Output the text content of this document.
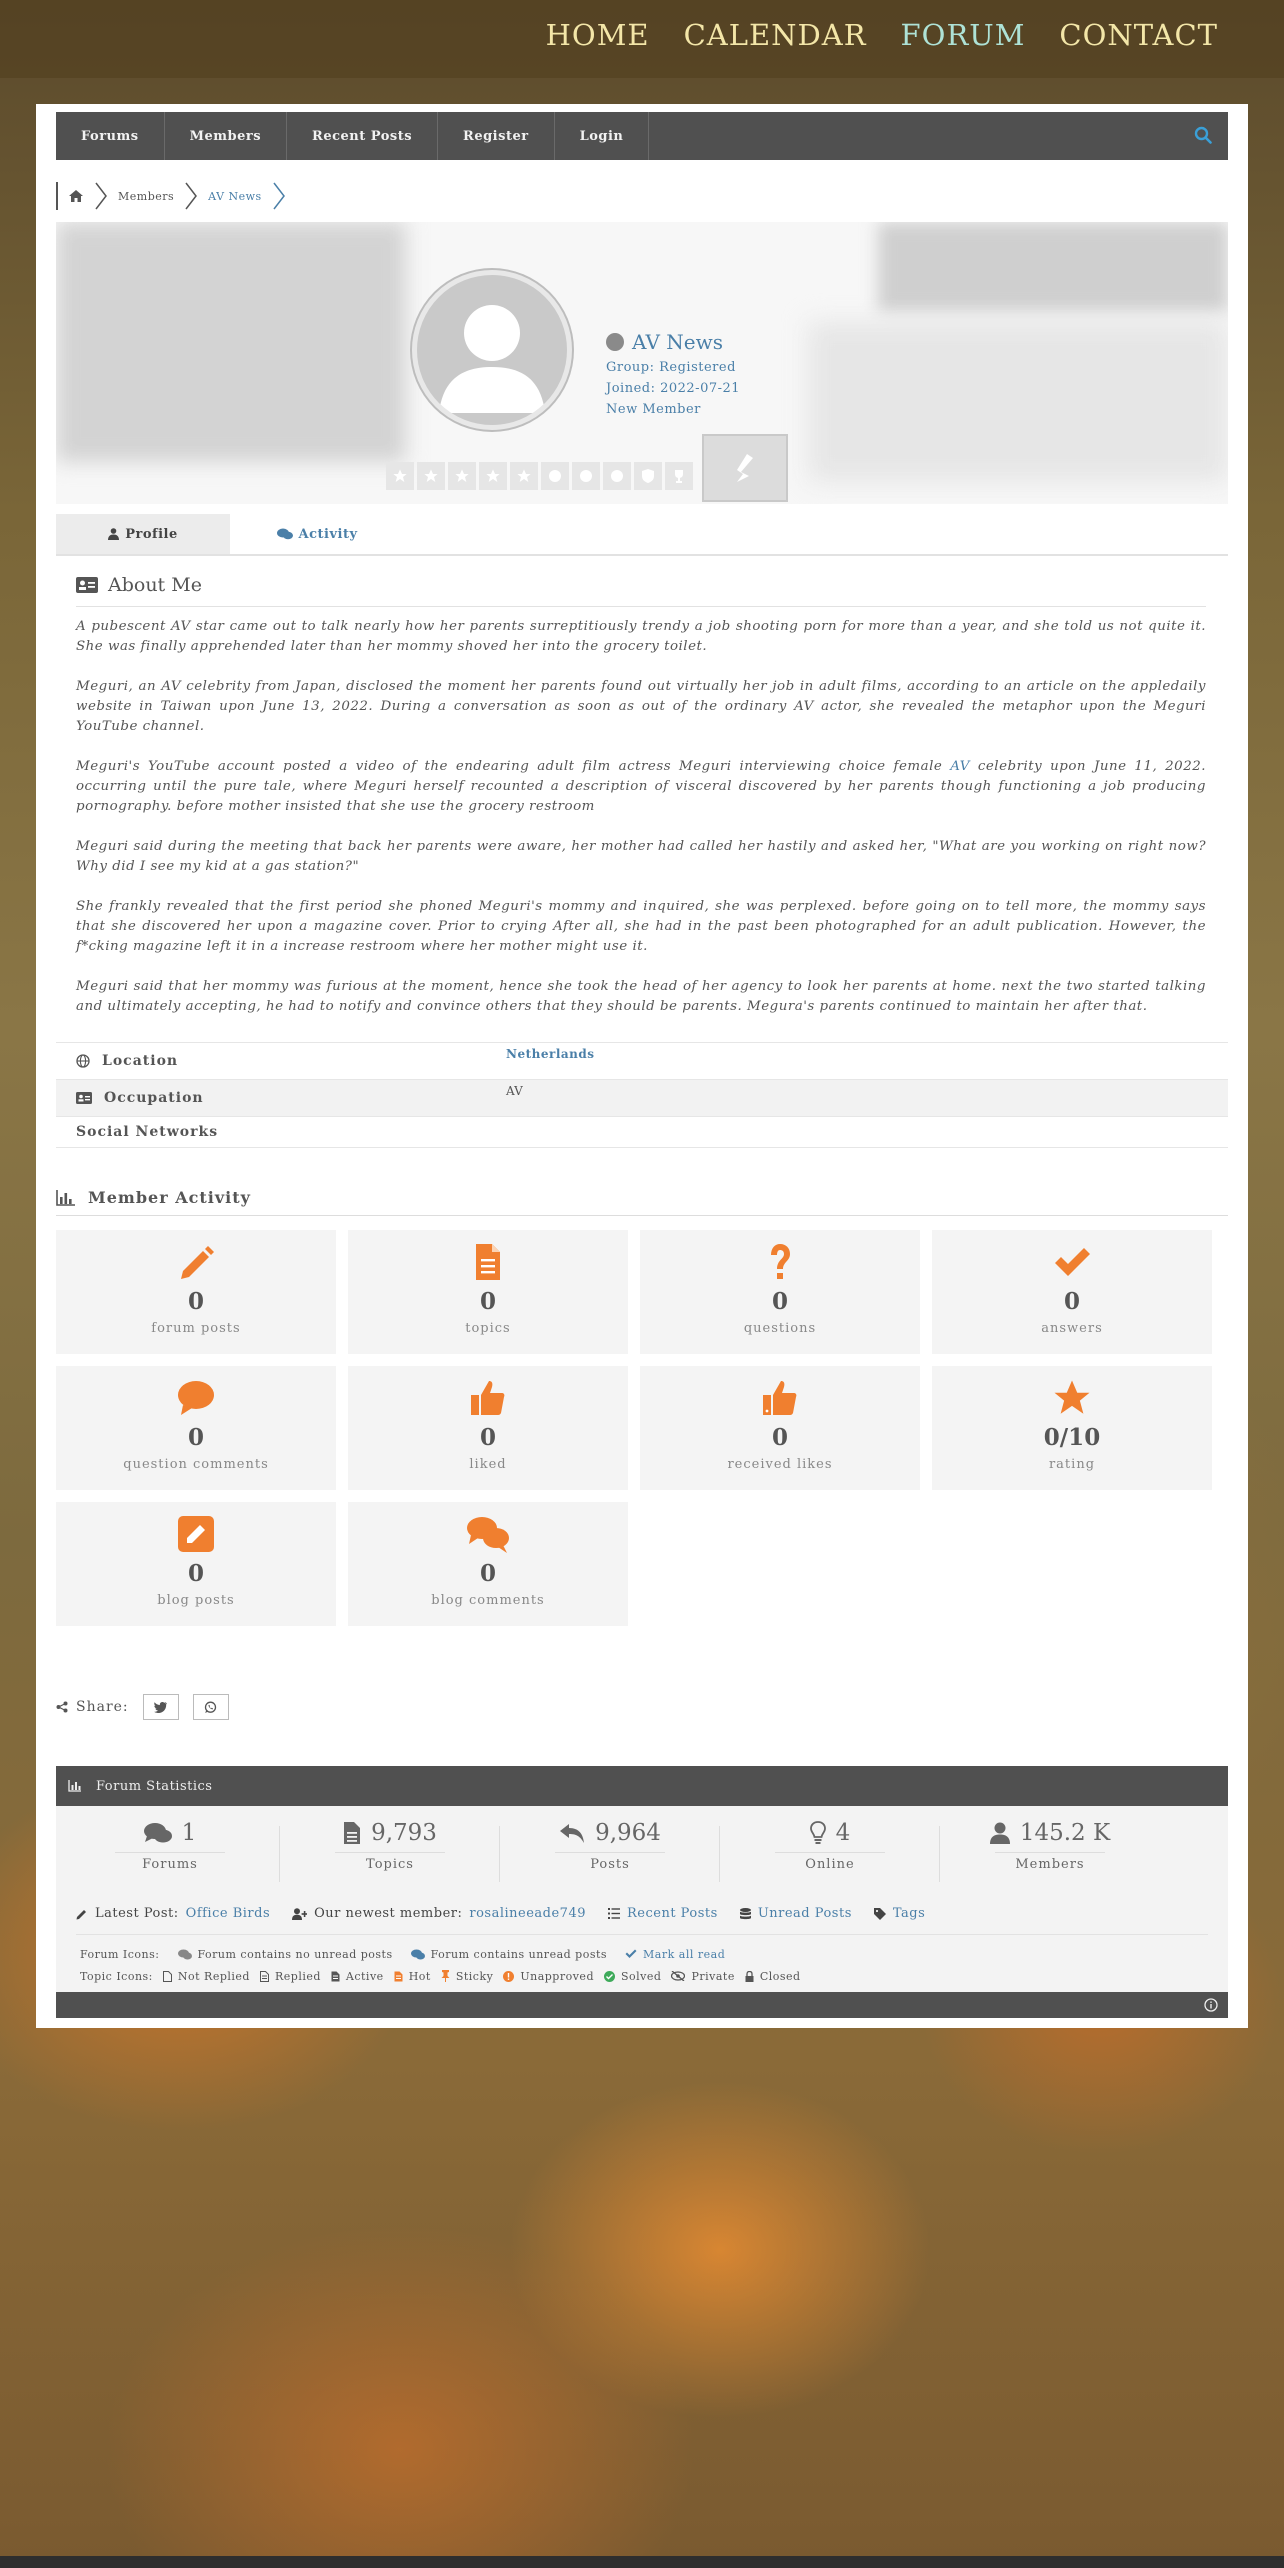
HOME CALENDAR FORUM CONTACT
Forums	Members	Recent Posts	Register	Login
Members	AV News
AV News
Group: Registered
Joined: 2022-07-21
New Member
Profile	Activity
About Me

A pubescent AV star came out to talk nearly how her parents surreptitiously trendy a job shooting porn for more than a year, and she told us not quite it. She was finally apprehended later than her mommy shoved her into the grocery toilet.

Meguri, an AV celebrity from Japan, disclosed the moment her parents found out virtually her job in adult films, according to an article on the appledaily website in Taiwan upon June 13, 2022. During a conversation as soon as out of the ordinary AV actor, she revealed the metaphor upon the Meguri YouTube channel.

Meguri's YouTube account posted a video of the endearing adult film actress Meguri interviewing choice female AV celebrity upon June 11, 2022. occurring until the pure tale, where Meguri herself recounted a description of visceral discovered by her parents though functioning a job producing pornography. before mother insisted that she use the grocery restroom

Meguri said during the meeting that back her parents were aware, her mother had called her hastily and asked her, "What are you working on right now? Why did I see my kid at a gas station?"

She frankly revealed that the first period she phoned Meguri's mommy and inquired, she was perplexed. before going on to tell more, the mommy says that she discovered her upon a magazine cover. Prior to crying After all, she had in the past been photographed for an adult publication. However, the f*cking magazine left it in a increase restroom where her mother might use it.

Meguri said that her mommy was furious at the moment, hence she took the head of her agency to look her parents at home. next the two started talking and ultimately accepting, he had to notify and convince others that they should be parents. Megura's parents continued to maintain her after that.

Location	Netherlands
Occupation	AV
Social Networks
Member Activity
0
forum posts
0
topics
0
questions
0
answers
0
question comments
0
liked
0
received likes
0/10
rating
0
blog posts
0
blog comments
Share:
Forum Statistics
1
Forums
9,793
Topics
9,964
Posts
4
Online
145.2 K
Members
Latest Post: Office Birds	Our newest member: rosalineeade749	Recent Posts	Unread Posts	Tags
Forum Icons:	Forum contains no unread posts	Forum contains unread posts	Mark all read
Topic Icons: Not Replied Replied Active Hot Sticky Unapproved Solved	Private Closed
